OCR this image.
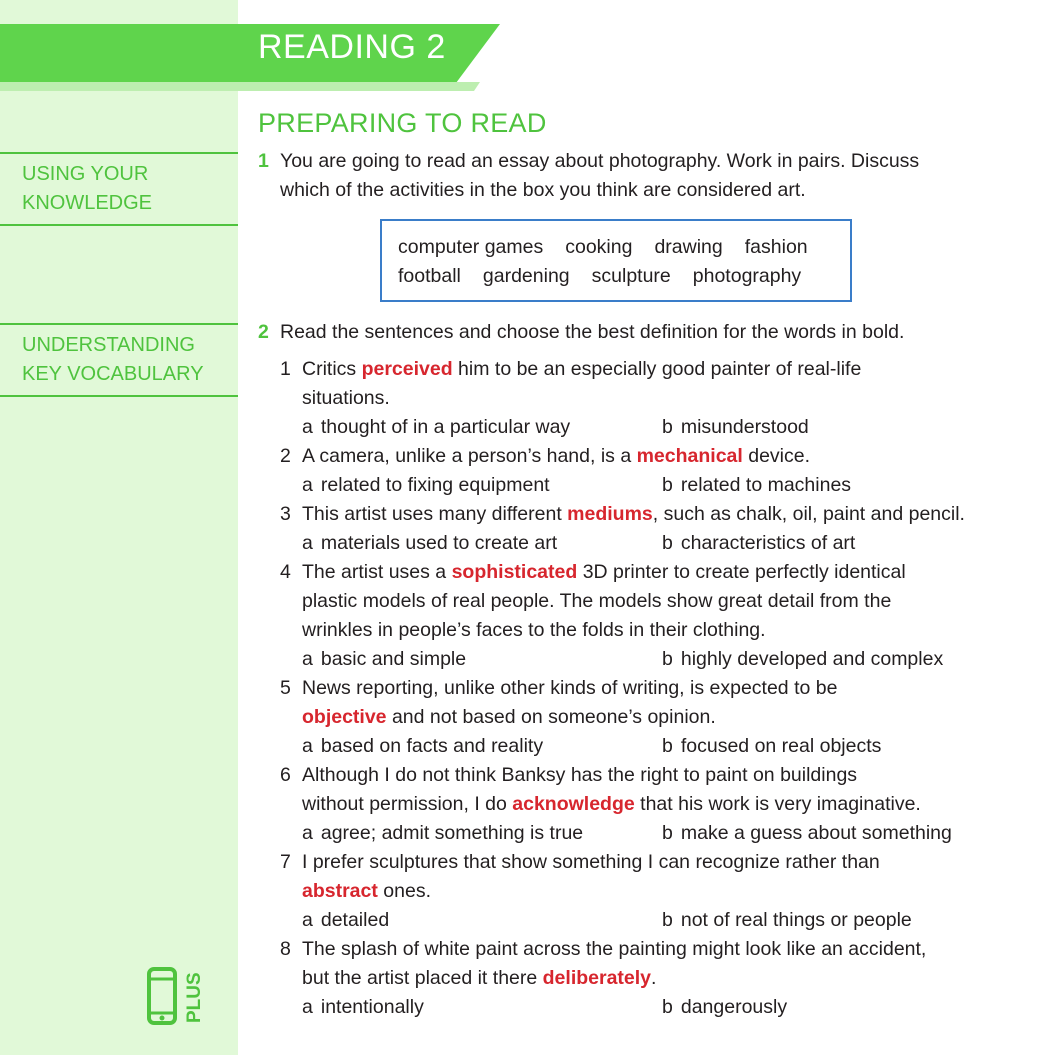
READING 2
USING YOUR
KNOWLEDGE
UNDERSTANDING
KEY VOCABULARY
PREPARING TO READ
1 You are going to read an essay about photography. Work in pairs. Discuss
which of the activities in the box you think are considered art.
computer games cooking drawing fashion
football gardening sculpture photography
2 Read the sentences and choose the best definition for the words in bold.
1 Critics perceived him to be an especially good painter of real-life
situations.
a thought of in a particular way	b misunderstood
2 A camera, unlike a person’s hand, is a mechanical device.
a related to fixing equipment	b related to machines
3 This artist uses many different mediums, such as chalk, oil, paint and pencil.
a materials used to create art	b characteristics of art
4 The artist uses a sophisticated 3D printer to create perfectly identical
plastic models of real people. The models show great detail from the
wrinkles in people’s faces to the folds in their clothing.
a basic and simple	b highly developed and complex
5 News reporting, unlike other kinds of writing, is expected to be
objective and not based on someone’s opinion.
a based on facts and reality	b focused on real objects
6 Although I do not think Banksy has the right to paint on buildings
without permission, I do acknowledge that his work is very imaginative.
a agree; admit something is true	b make a guess about something
7 I prefer sculptures that show something I can recognize rather than
abstract ones.
a detailed	b not of real things or people
8 The splash of white paint across the painting might look like an accident,
but the artist placed it there deliberately.
a intentionally	b dangerously
PLUS
